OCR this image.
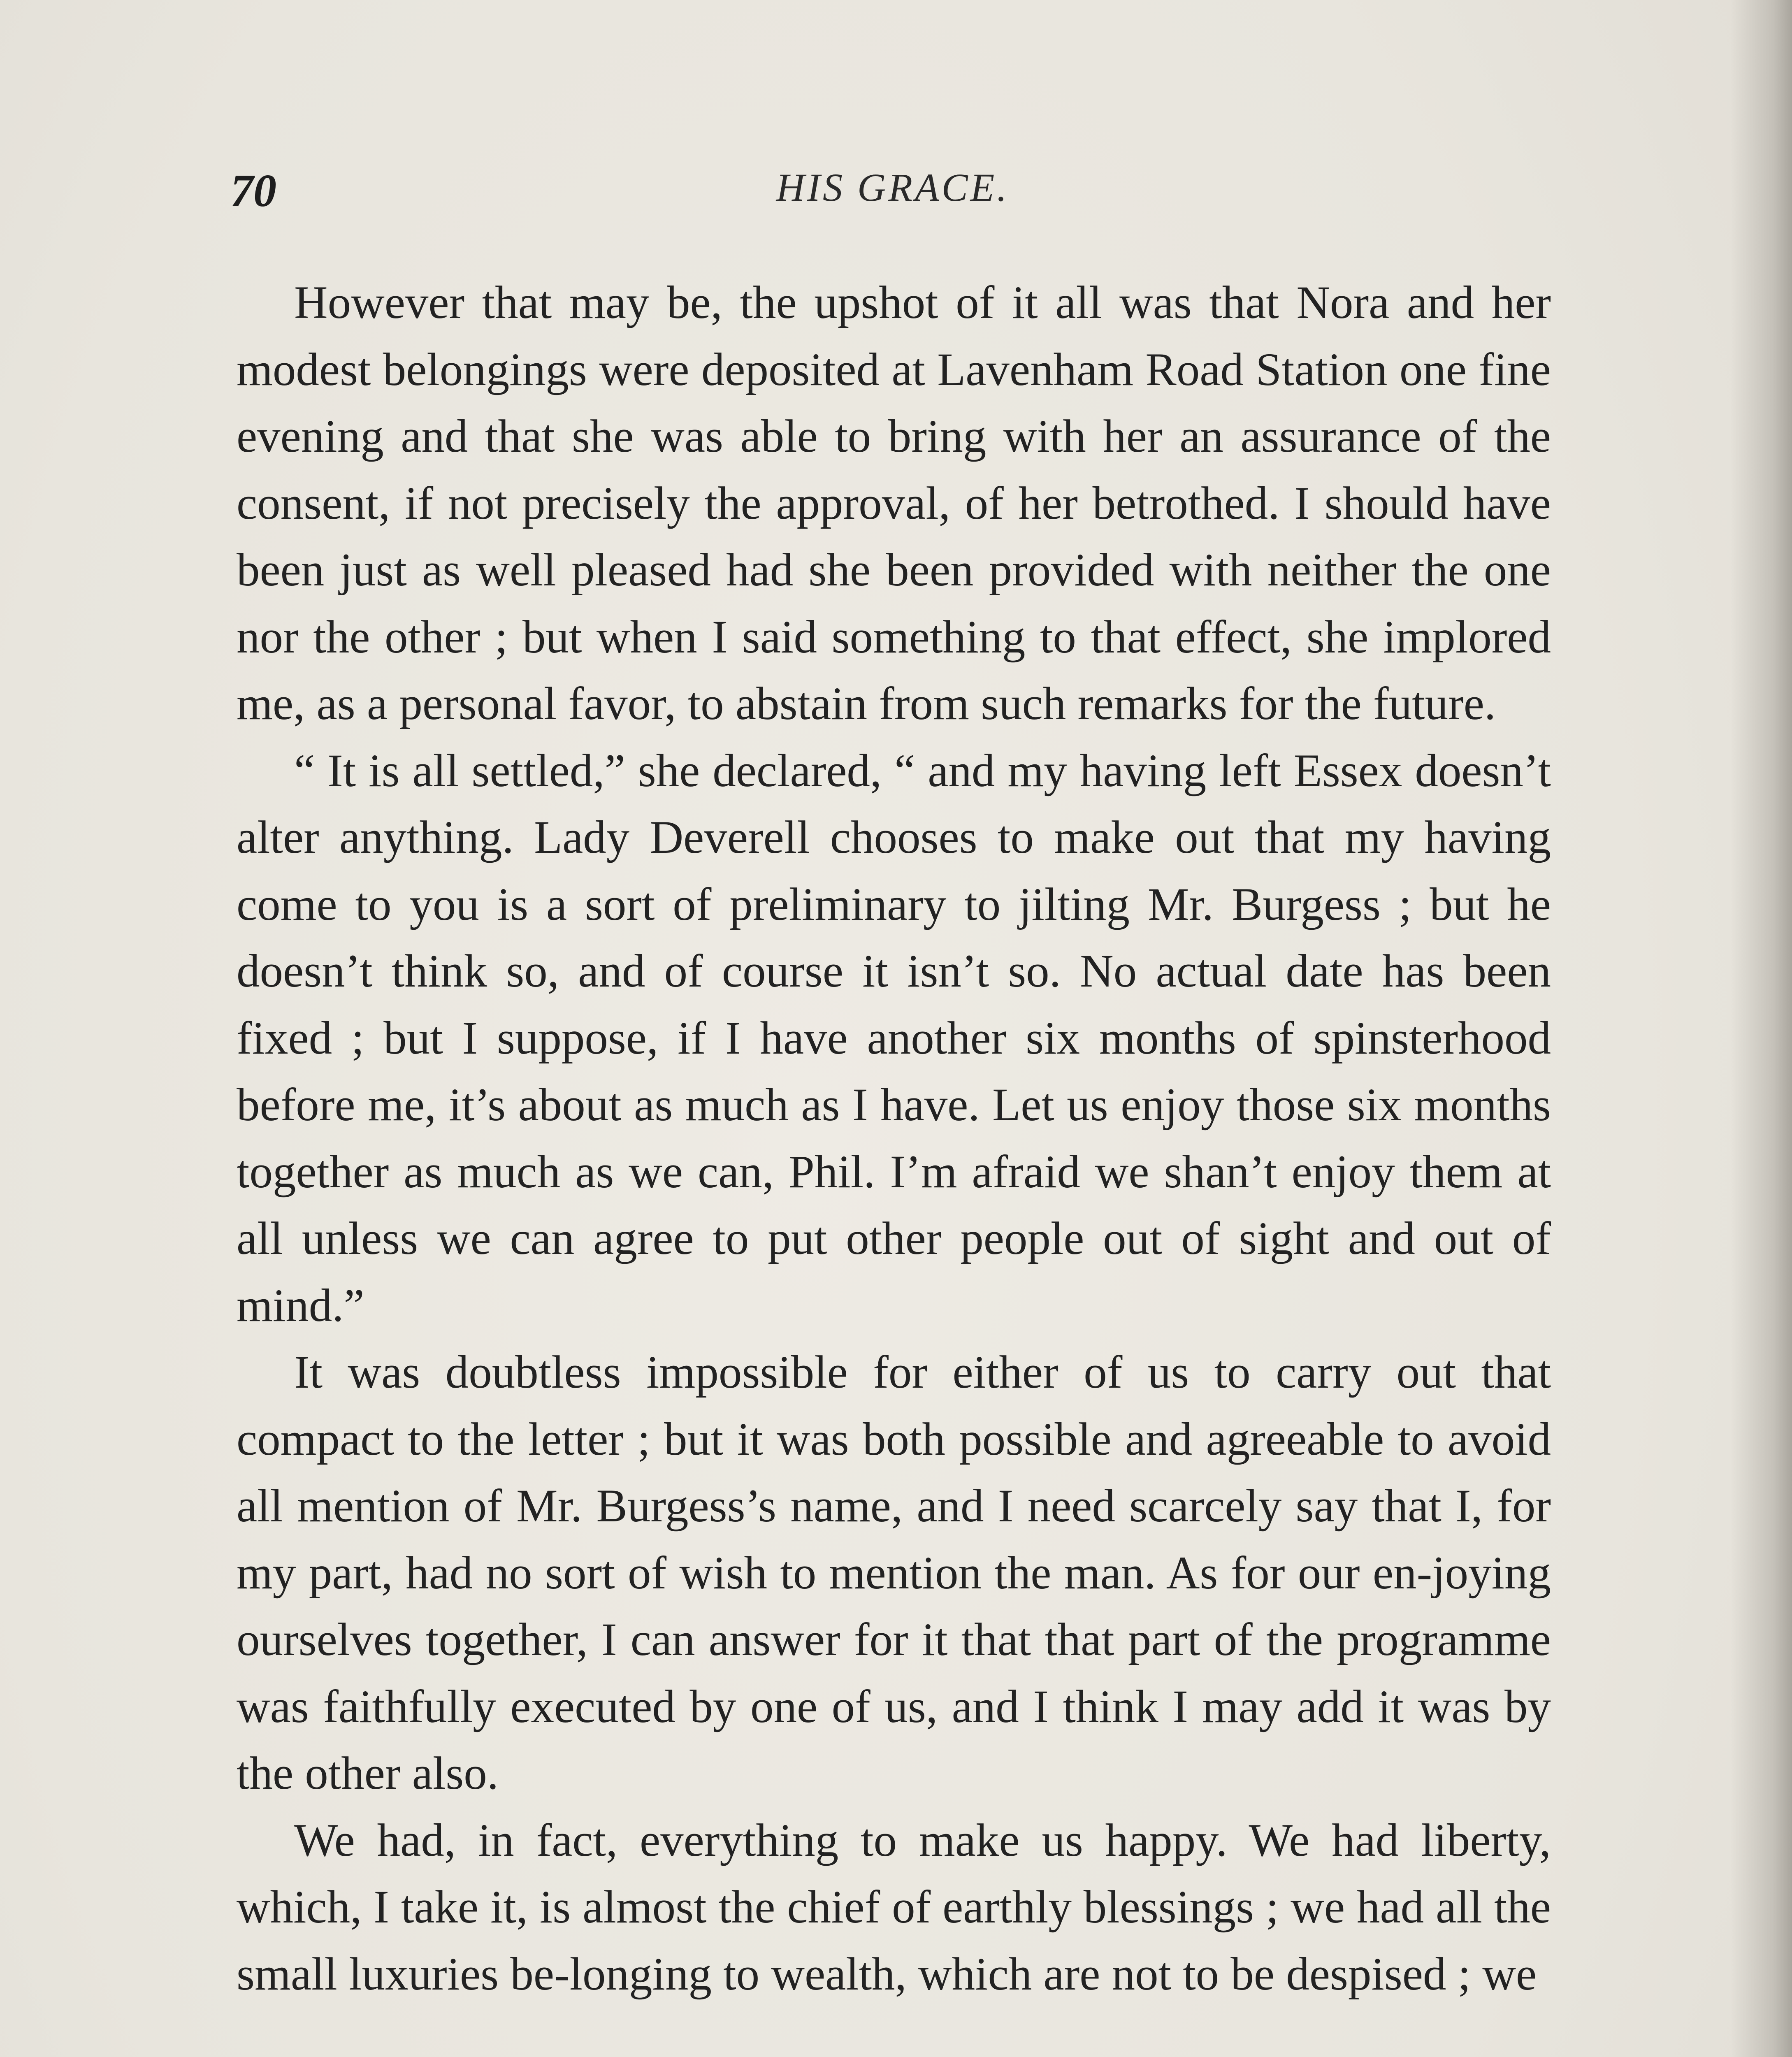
70	HIS GRACE.

However that may be, the upshot of it all was that Nora and her modest belongings were deposited at Lavenham Road Station one fine evening and that she was able to bring with her an assurance of the consent, if not precisely the approval, of her betrothed. I should have been just as well pleased had she been provided with neither the one nor the other ; but when I said something to that effect, she implored me, as a personal favor, to abstain from such remarks for the future.

“ It is all settled,” she declared, “ and my having left Essex doesn’t alter anything. Lady Deverell chooses to make out that my having come to you is a sort of preliminary to jilting Mr. Burgess ; but he doesn’t think so, and of course it isn’t so. No actual date has been fixed ; but I suppose, if I have another six months of spinsterhood before me, it’s about as much as I have. Let us enjoy those six months together as much as we can, Phil. I’m afraid we shan’t enjoy them at all unless we can agree to put other people out of sight and out of mind.”

It was doubtless impossible for either of us to carry out that compact to the letter ; but it was both possible and agreeable to avoid all mention of Mr. Burgess’s name, and I need scarcely say that I, for my part, had no sort of wish to mention the man. As for our en-joying ourselves together, I can answer for it that that part of the programme was faithfully executed by one of us, and I think I may add it was by the other also.

We had, in fact, everything to make us happy. We had liberty, which, I take it, is almost the chief of earthly blessings ; we had all the small luxuries be-longing to wealth, which are not to be despised ; we
